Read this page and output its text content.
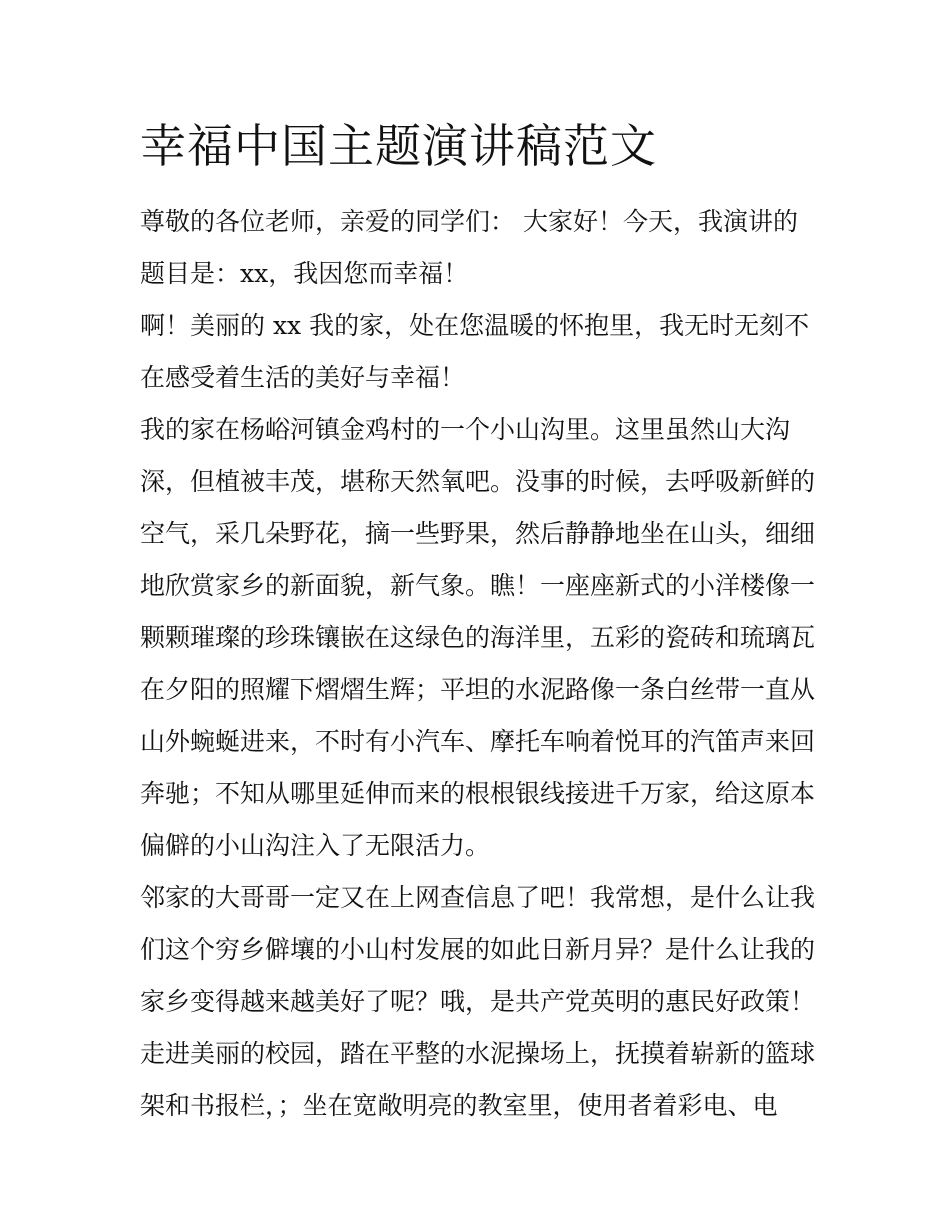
幸福中国主题演讲稿范文
尊敬的各位老师，亲爱的同学们： 大家好！今天，我演讲的
题目是：xx，我因您而幸福！
啊！美丽的 xx 我的家，处在您温暖的怀抱里，我无时无刻不
在感受着生活的美好与幸福！
我的家在杨峪河镇金鸡村的一个小山沟里。这里虽然山大沟
深，但植被丰茂，堪称天然氧吧。没事的时候，去呼吸新鲜的
空气，采几朵野花，摘一些野果，然后静静地坐在山头，细细
地欣赏家乡的新面貌，新气象。瞧！一座座新式的小洋楼像一
颗颗璀璨的珍珠镶嵌在这绿色的海洋里，五彩的瓷砖和琉璃瓦
在夕阳的照耀下熠熠生辉；平坦的水泥路像一条白丝带一直从
山外蜿蜒进来，不时有小汽车、摩托车响着悦耳的汽笛声来回
奔驰；不知从哪里延伸而来的根根银线接进千万家，给这原本
偏僻的小山沟注入了无限活力。
邻家的大哥哥一定又在上网查信息了吧！我常想，是什么让我
们这个穷乡僻壤的小山村发展的如此日新月异？是什么让我的
家乡变得越来越美好了呢？哦，是共产党英明的惠民好政策！
走进美丽的校园，踏在平整的水泥操场上，抚摸着崭新的篮球
架和书报栏，；坐在宽敞明亮的教室里，使用者着彩电、电
